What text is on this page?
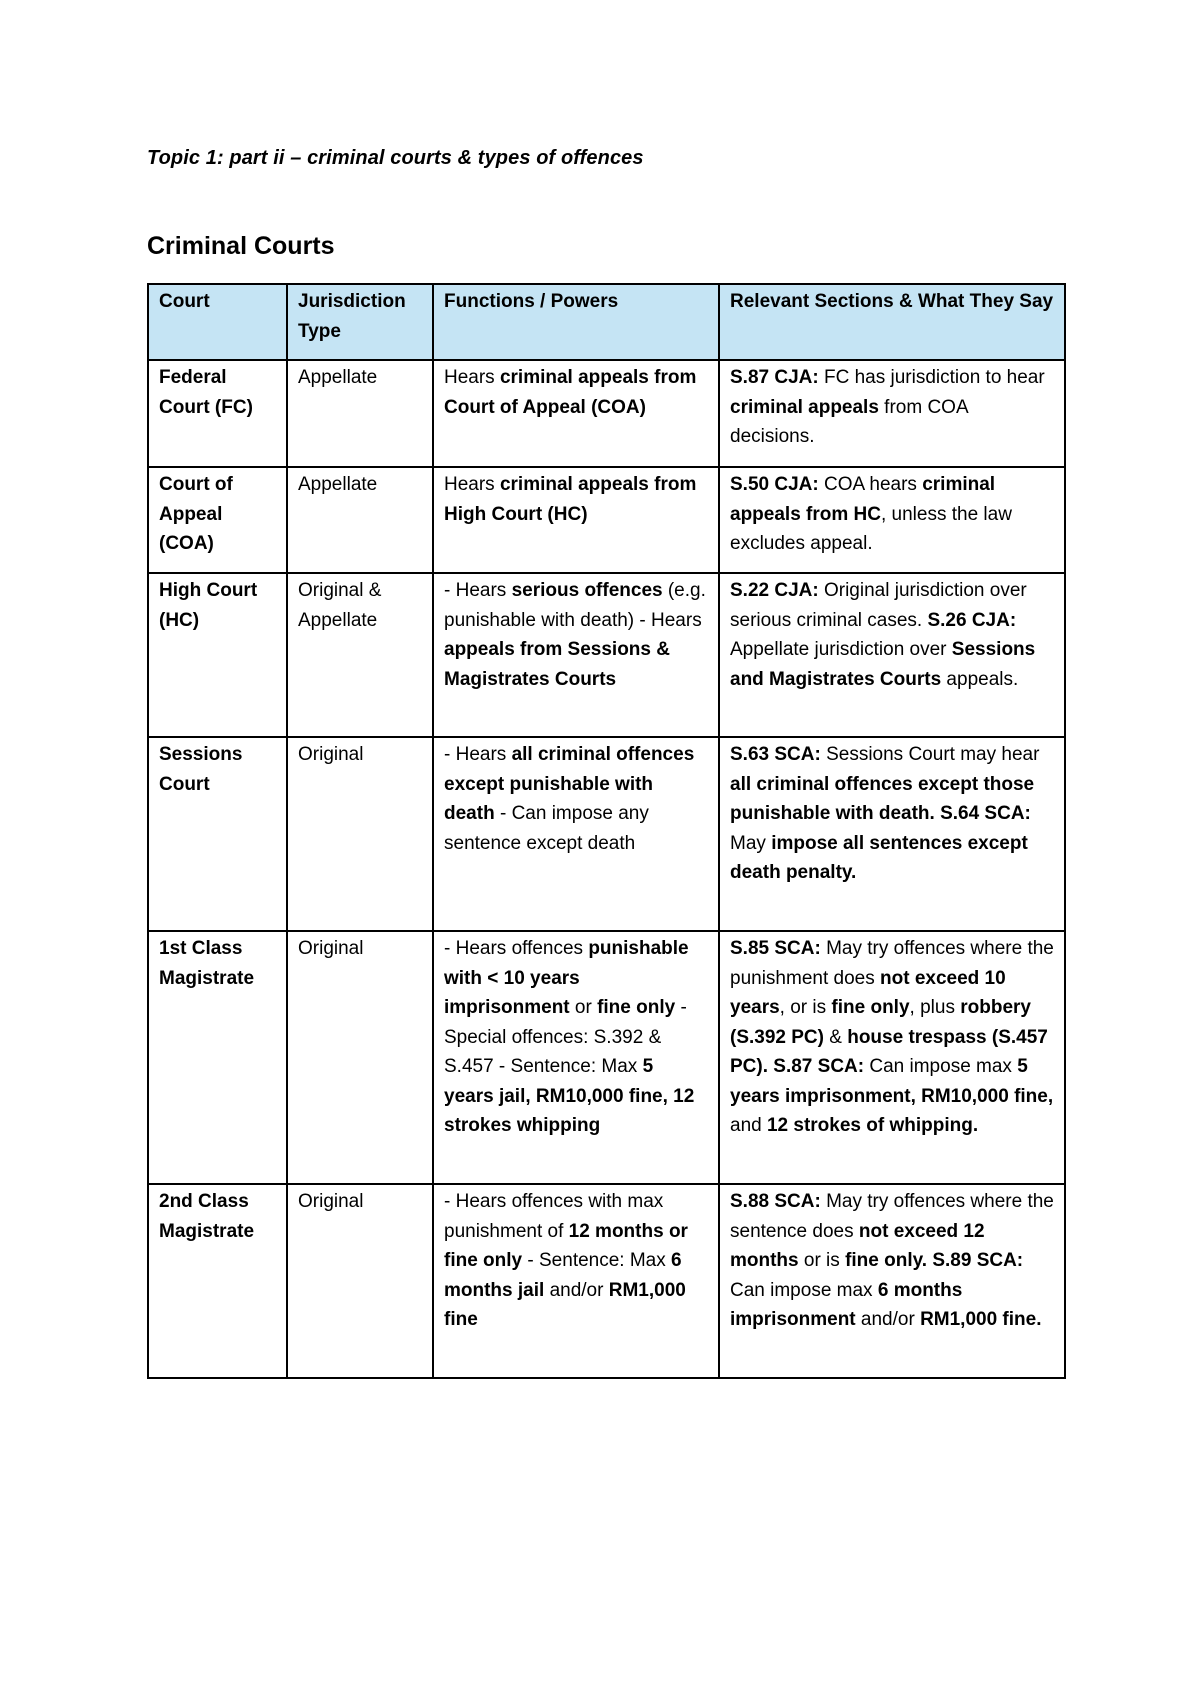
Topic 1: part ii – criminal courts & types of offences

Criminal Courts
Court	Jurisdiction Type	Functions / Powers	Relevant Sections & What They Say
Federal Court (FC)	Appellate	Hears criminal appeals from Court of Appeal (COA)	S.87 CJA: FC has jurisdiction to hear criminal appeals from COA decisions.
Court of Appeal (COA)	Appellate	Hears criminal appeals from High Court (HC)	S.50 CJA: COA hears criminal appeals from HC, unless the law excludes appeal.
High Court (HC)	Original & Appellate	- Hears serious offences (e.g. punishable with death) - Hears appeals from Sessions & Magistrates Courts	S.22 CJA: Original jurisdiction over serious criminal cases. S.26 CJA: Appellate jurisdiction over Sessions and Magistrates Courts appeals.
Sessions Court	Original	- Hears all criminal offences except punishable with death - Can impose any sentence except death	S.63 SCA: Sessions Court may hear all criminal offences except those punishable with death. S.64 SCA: May impose all sentences except death penalty.
1st Class Magistrate	Original	- Hears offences punishable with < 10 years imprisonment or fine only - Special offences: S.392 & S.457 - Sentence: Max 5 years jail, RM10,000 fine, 12 strokes whipping	S.85 SCA: May try offences where the punishment does not exceed 10 years, or is fine only, plus robbery (S.392 PC) & house trespass (S.457 PC). S.87 SCA: Can impose max 5 years imprisonment, RM10,000 fine, and 12 strokes of whipping.
2nd Class Magistrate	Original	- Hears offences with max punishment of 12 months or fine only - Sentence: Max 6 months jail and/or RM1,000 fine	S.88 SCA: May try offences where the sentence does not exceed 12 months or is fine only. S.89 SCA: Can impose max 6 months imprisonment and/or RM1,000 fine.
